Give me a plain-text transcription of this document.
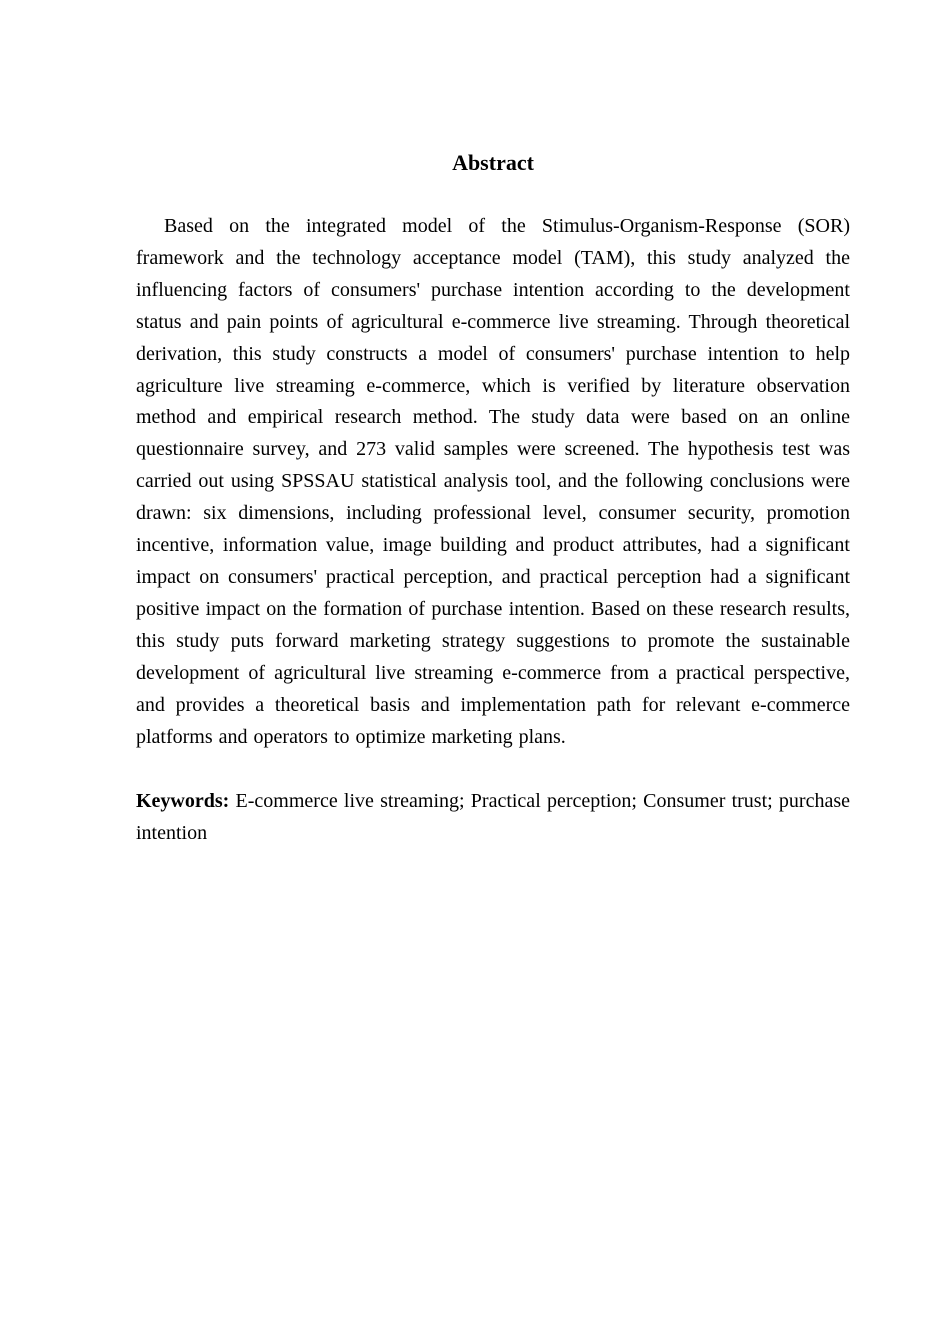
Abstract

Based on the integrated model of the Stimulus-Organism-Response (SOR) framework and the technology acceptance model (TAM), this study analyzed the influencing factors of consumers' purchase intention according to the development status and pain points of agricultural e-commerce live streaming. Through theoretical derivation, this study constructs a model of consumers' purchase intention to help agriculture live streaming e-commerce, which is verified by literature observation method and empirical research method. The study data were based on an online questionnaire survey, and 273 valid samples were screened. The hypothesis test was carried out using SPSSAU statistical analysis tool, and the following conclusions were drawn: six dimensions, including professional level, consumer security, promotion incentive, information value, image building and product attributes, had a significant impact on consumers' practical perception, and practical perception had a significant positive impact on the formation of purchase intention. Based on these research results, this study puts forward marketing strategy suggestions to promote the sustainable development of agricultural live streaming e-commerce from a practical perspective, and provides a theoretical basis and implementation path for relevant e-commerce platforms and operators to optimize marketing plans.

Keywords: E-commerce live streaming; Practical perception; Consumer trust; purchase intention
